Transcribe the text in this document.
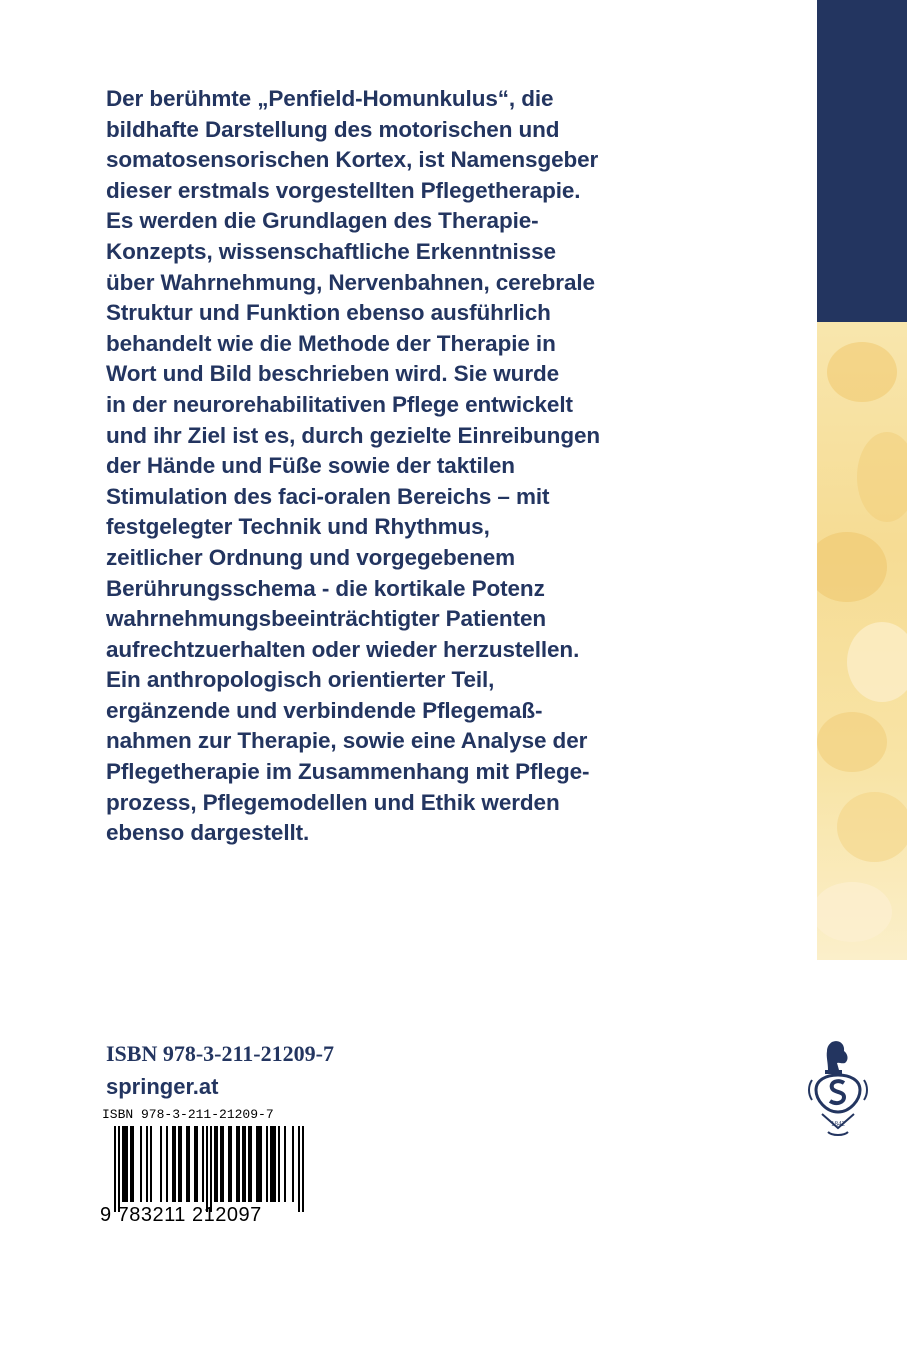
Der berühmte „Penfield-Homunkulus“, die
bildhafte Darstellung des motorischen und
somatosensorischen Kortex, ist Namensgeber
dieser erstmals vorgestellten Pflegetherapie.
Es werden die Grundlagen des Therapie-
Konzepts, wissenschaftliche Erkenntnisse
über Wahrnehmung, Nervenbahnen, cerebrale
Struktur und Funktion ebenso ausführlich
behandelt wie die Methode der Therapie in
Wort und Bild beschrieben wird. Sie wurde
in der neurorehabilitativen Pflege entwickelt
und ihr Ziel ist es, durch gezielte Einreibungen
der Hände und Füße sowie der taktilen
Stimulation des faci-oralen Bereichs – mit
festgelegter Technik und Rhythmus,
zeitlicher Ordnung und vorgegebenem
Berührungsschema - die kortikale Potenz
wahrnehmungsbeeinträchtigter Patienten
aufrechtzuerhalten oder wieder herzustellen.
Ein anthropologisch orientierter Teil,
ergänzende und verbindende Pflegemaß-
nahmen zur Therapie, sowie eine Analyse der
Pflegetherapie im Zusammenhang mit Pflege-
prozess, Pflegemodellen und Ethik werden
ebenso dargestellt.
ISBN 978-3-211-21209-7
springer.at
ISBN 978-3-211-21209-7
9 783211 212097
1842
